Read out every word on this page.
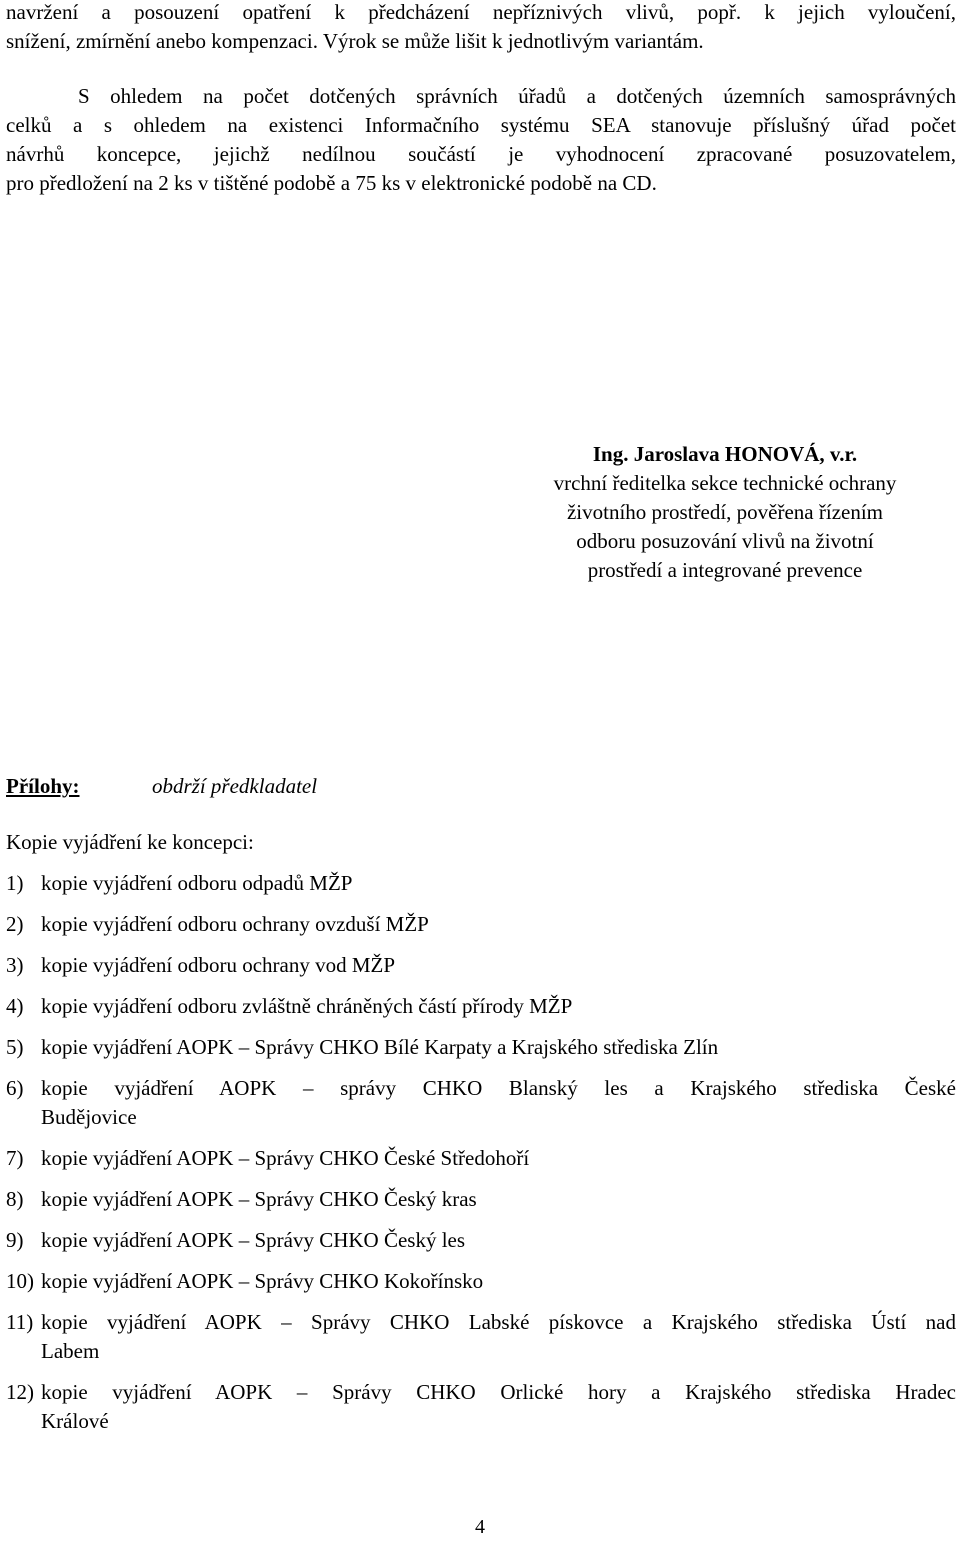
navržení a posouzení opatření k předcházení nepříznivých vlivů, popř. k jejich vyloučení,
snížení, zmírnění anebo kompenzaci. Výrok se může lišit k jednotlivým variantám.
S ohledem na počet dotčených správních úřadů a dotčených územních samosprávných
celků a s ohledem na existenci Informačního systému SEA stanovuje příslušný úřad počet
návrhů koncepce, jejichž nedílnou součástí je vyhodnocení zpracované posuzovatelem,
pro předložení na 2 ks v tištěné podobě a 75 ks v elektronické podobě na CD.
Ing. Jaroslava HONOVÁ, v.r.
vrchní ředitelka sekce technické ochrany
životního prostředí, pověřena řízením
odboru posuzování vlivů na životní
prostředí a integrované prevence
Přílohy:	obdrží předkladatel
Kopie vyjádření ke koncepci:
1) kopie vyjádření odboru odpadů MŽP
2) kopie vyjádření odboru ochrany ovzduší MŽP
3) kopie vyjádření odboru ochrany vod MŽP
4) kopie vyjádření odboru zvláštně chráněných částí přírody MŽP
5) kopie vyjádření AOPK – Správy CHKO Bílé Karpaty a Krajského střediska Zlín
6) kopie vyjádření AOPK – správy CHKO Blanský les a Krajského střediska České
Budějovice
7) kopie vyjádření AOPK – Správy CHKO České Středohoří
8) kopie vyjádření AOPK – Správy CHKO Český kras
9) kopie vyjádření AOPK – Správy CHKO Český les
10) kopie vyjádření AOPK – Správy CHKO Kokořínsko
11) kopie vyjádření AOPK – Správy CHKO Labské pískovce a Krajského střediska Ústí nad
Labem
12) kopie vyjádření AOPK – Správy CHKO Orlické hory a Krajského střediska Hradec
Králové
4
